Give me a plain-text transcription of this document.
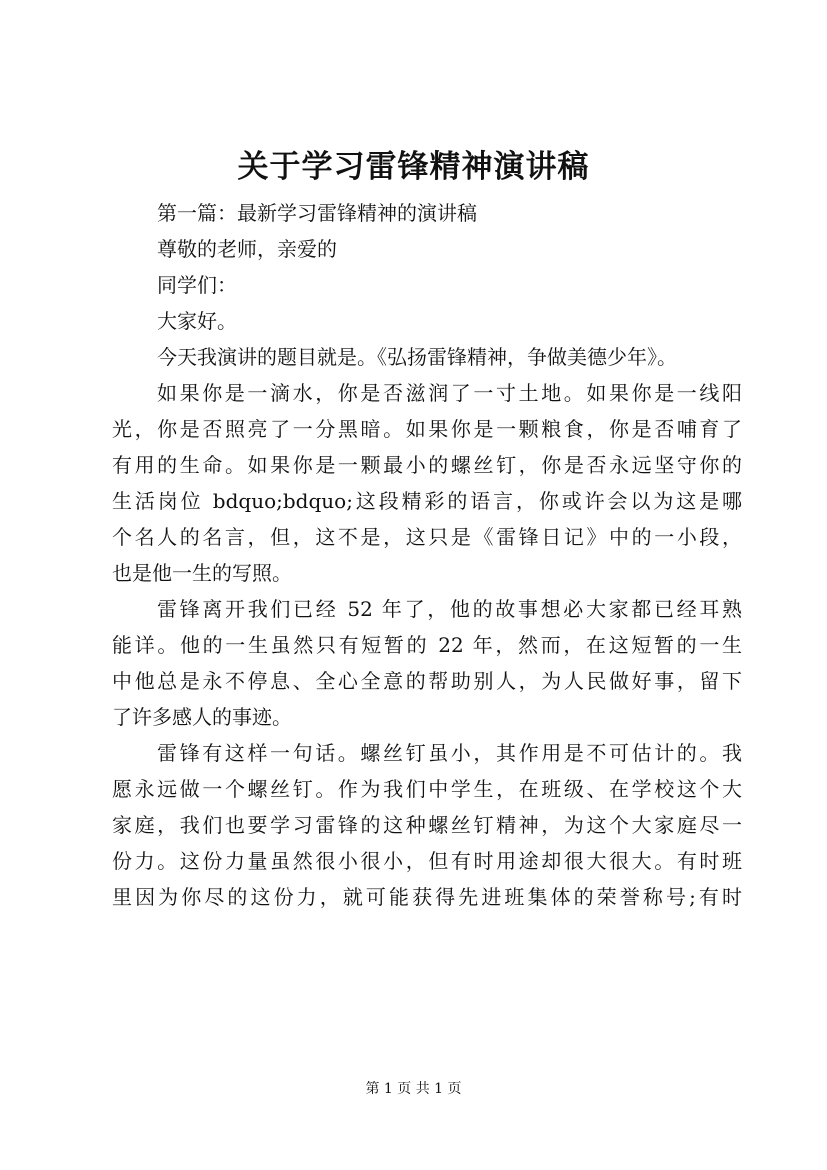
关于学习雷锋精神演讲稿

第一篇：最新学习雷锋精神的演讲稿

尊敬的老师，亲爱的

同学们：

大家好。

今天我演讲的题目就是。《弘扬雷锋精神，争做美德少年》。

如果你是一滴水，你是否滋润了一寸土地。如果你是一线阳

光，你是否照亮了一分黑暗。如果你是一颗粮食，你是否哺育了

有用的生命。如果你是一颗最小的螺丝钉，你是否永远坚守你的

生活岗位 bdquo;bdquo;这段精彩的语言，你或许会以为这是哪

个名人的名言，但，这不是，这只是《雷锋日记》中的一小段，

也是他一生的写照。

雷锋离开我们已经 52 年了，他的故事想必大家都已经耳熟

能详。他的一生虽然只有短暂的 22 年，然而，在这短暂的一生

中他总是永不停息、全心全意的帮助别人，为人民做好事，留下

了许多感人的事迹。

雷锋有这样一句话。螺丝钉虽小，其作用是不可估计的。我

愿永远做一个螺丝钉。作为我们中学生，在班级、在学校这个大

家庭，我们也要学习雷锋的这种螺丝钉精神，为这个大家庭尽一

份力。这份力量虽然很小很小，但有时用途却很大很大。有时班

里因为你尽的这份力，就可能获得先进班集体的荣誉称号;有时

第 1 页 共 1 页
